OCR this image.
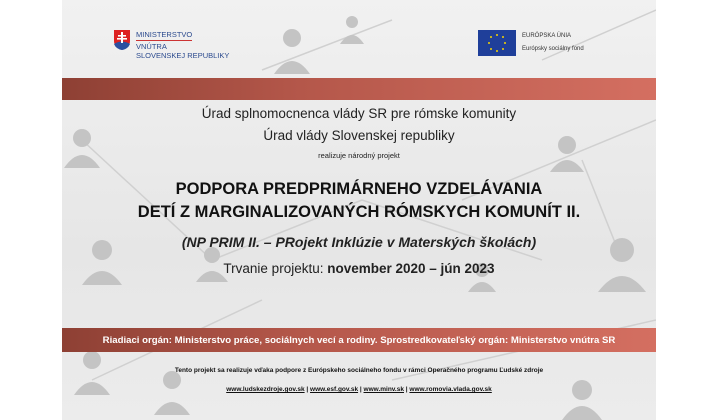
MINISTERSTVO
VNÚTRA
SLOVENSKEJ REPUBLIKY
EURÓPSKA ÚNIA
Európsky sociálny fond
Úrad splnomocnenca vlády SR pre rómske komunity
Úrad vlády Slovenskej republiky
realizuje národný projekt
PODPORA PREDPRIMÁRNEHO VZDELÁVANIA
DETÍ Z MARGINALIZOVANÝCH RÓMSKYCH KOMUNÍT II.
(NP PRIM II. – PRojekt Inklúzie v Materských školách)
Trvanie projektu: november 2020 – jún 2023
Riadiaci orgán: Ministerstvo práce, sociálnych vecí a rodiny. Sprostredkovateľský orgán: Ministerstvo vnútra SR
Tento projekt sa realizuje vďaka podpore z Európskeho sociálneho fondu v rámci Operačného programu Ľudské zdroje
www.ludskezdroje.gov.sk | www.esf.gov.sk | www.minv.sk | www.romovia.vlada.gov.sk
